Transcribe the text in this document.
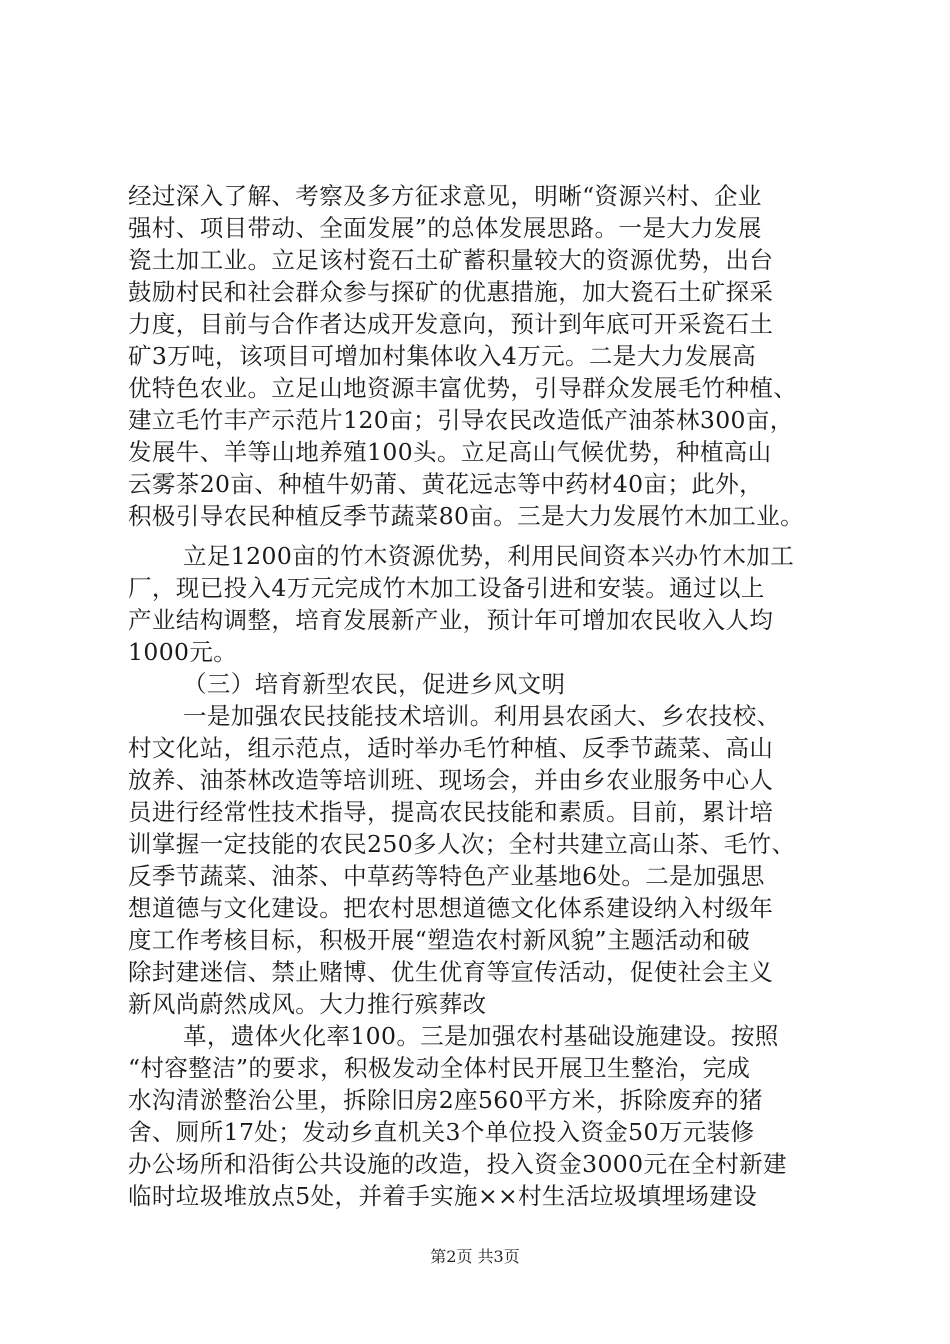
经过深入了解、考察及多方征求意见，明晰“资源兴村、企业
强村、项目带动、全面发展”的总体发展思路。一是大力发展
瓷土加工业。立足该村瓷石土矿蓄积量较大的资源优势，出台
鼓励村民和社会群众参与探矿的优惠措施，加大瓷石土矿探采
力度，目前与合作者达成开发意向，预计到年底可开采瓷石土
矿3万吨，该项目可增加村集体收入4万元。二是大力发展高
优特色农业。立足山地资源丰富优势，引导群众发展毛竹种植、
建立毛竹丰产示范片120亩；引导农民改造低产油茶林300亩，
发展牛、羊等山地养殖100头。立足高山气候优势，种植高山
云雾茶20亩、种植牛奶莆、黄花远志等中药材40亩；此外，
积极引导农民种植反季节蔬菜80亩。三是大力发展竹木加工业。
立足1200亩的竹木资源优势，利用民间资本兴办竹木加工
厂，现已投入4万元完成竹木加工设备引进和安装。通过以上
产业结构调整，培育发展新产业，预计年可增加农民收入人均
1000元。
（三）培育新型农民，促进乡风文明
一是加强农民技能技术培训。利用县农函大、乡农技校、
村文化站，组示范点，适时举办毛竹种植、反季节蔬菜、高山
放养、油茶林改造等培训班、现场会，并由乡农业服务中心人
员进行经常性技术指导，提高农民技能和素质。目前，累计培
训掌握一定技能的农民250多人次；全村共建立高山茶、毛竹、
反季节蔬菜、油茶、中草药等特色产业基地6处。二是加强思
想道德与文化建设。把农村思想道德文化体系建设纳入村级年
度工作考核目标，积极开展“塑造农村新风貌”主题活动和破
除封建迷信、禁止赌博、优生优育等宣传活动，促使社会主义
新风尚蔚然成风。大力推行殡葬改
革，遗体火化率100。三是加强农村基础设施建设。按照
“村容整洁”的要求，积极发动全体村民开展卫生整治，完成
水沟清淤整治公里，拆除旧房2座560平方米，拆除废弃的猪
舍、厕所17处；发动乡直机关3个单位投入资金50万元装修
办公场所和沿街公共设施的改造，投入资金3000元在全村新建
临时垃圾堆放点5处，并着手实施××村生活垃圾填埋场建设
第2页 共3页
